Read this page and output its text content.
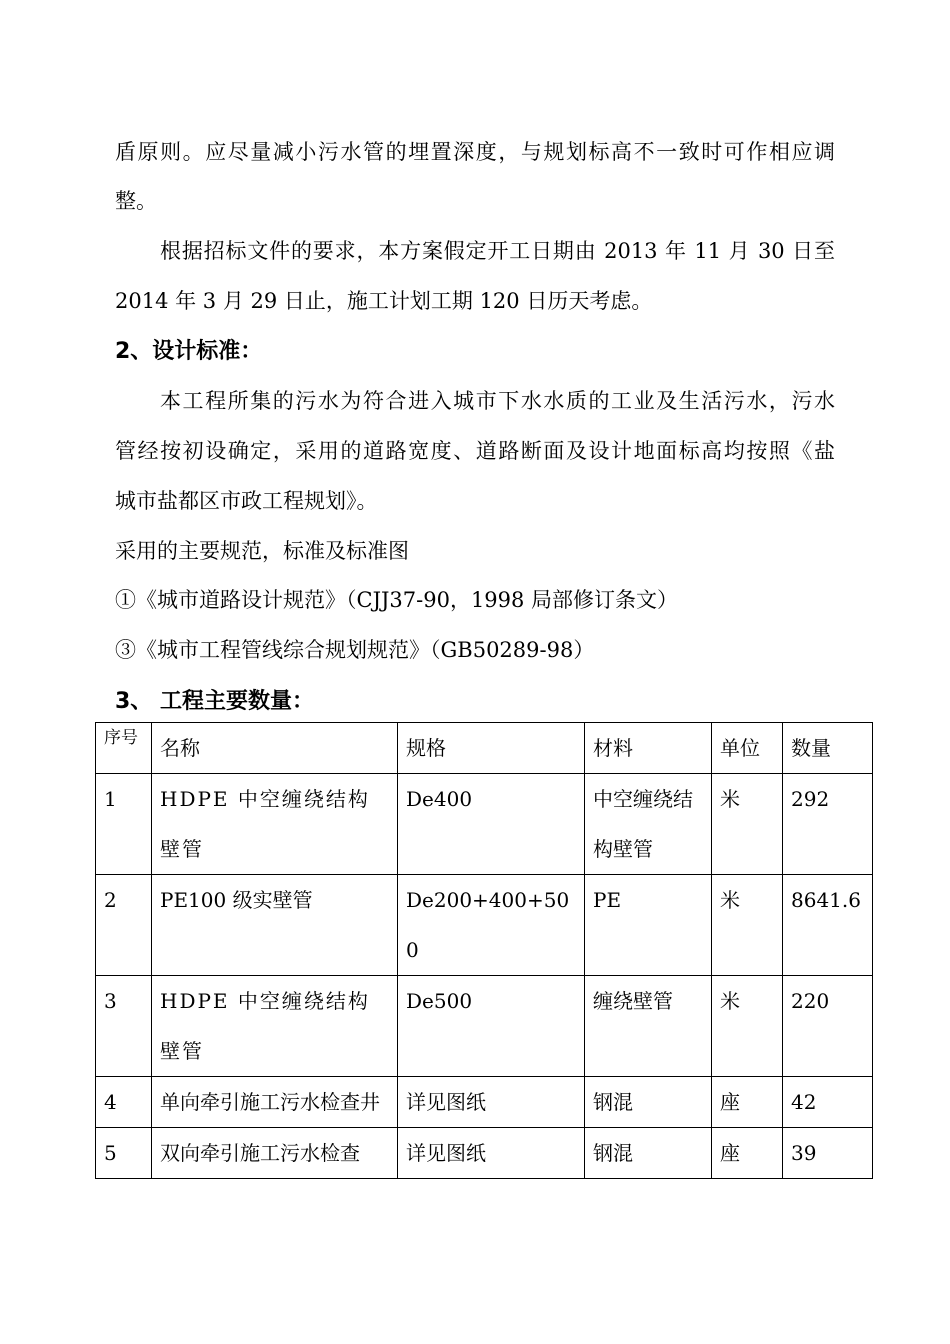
盾原则。应尽量减小污水管的埋置深度，与规划标高不一致时可作相应调
整。
根据招标文件的要求，本方案假定开工日期由 2013 年 11 月 30 日至
2014 年 3 月 29 日止，施工计划工期 120 日历天考虑。
2、设计标准：
本工程所集的污水为符合进入城市下水水质的工业及生活污水，污水
管经按初设确定，采用的道路宽度、道路断面及设计地面标高均按照《盐
城市盐都区市政工程规划》。
采用的主要规范，标准及标准图
①《城市道路设计规范》（CJJ37-90，1998 局部修订条文）
③《城市工程管线综合规划规范》（GB50289-98）
3、 工程主要数量：
序号	名称	规格	材料	单位	数量
1	HDPE 中空缠绕结构壁管	De400	中空缠绕结构壁管	米	292
2	PE100 级实壁管	De200+400+500	PE	米	8641.6
3	HDPE 中空缠绕结构壁管	De500	缠绕壁管	米	220
4	单向牵引施工污水检查井	详见图纸	钢混	座	42
5	双向牵引施工污水检查	详见图纸	钢混	座	39
